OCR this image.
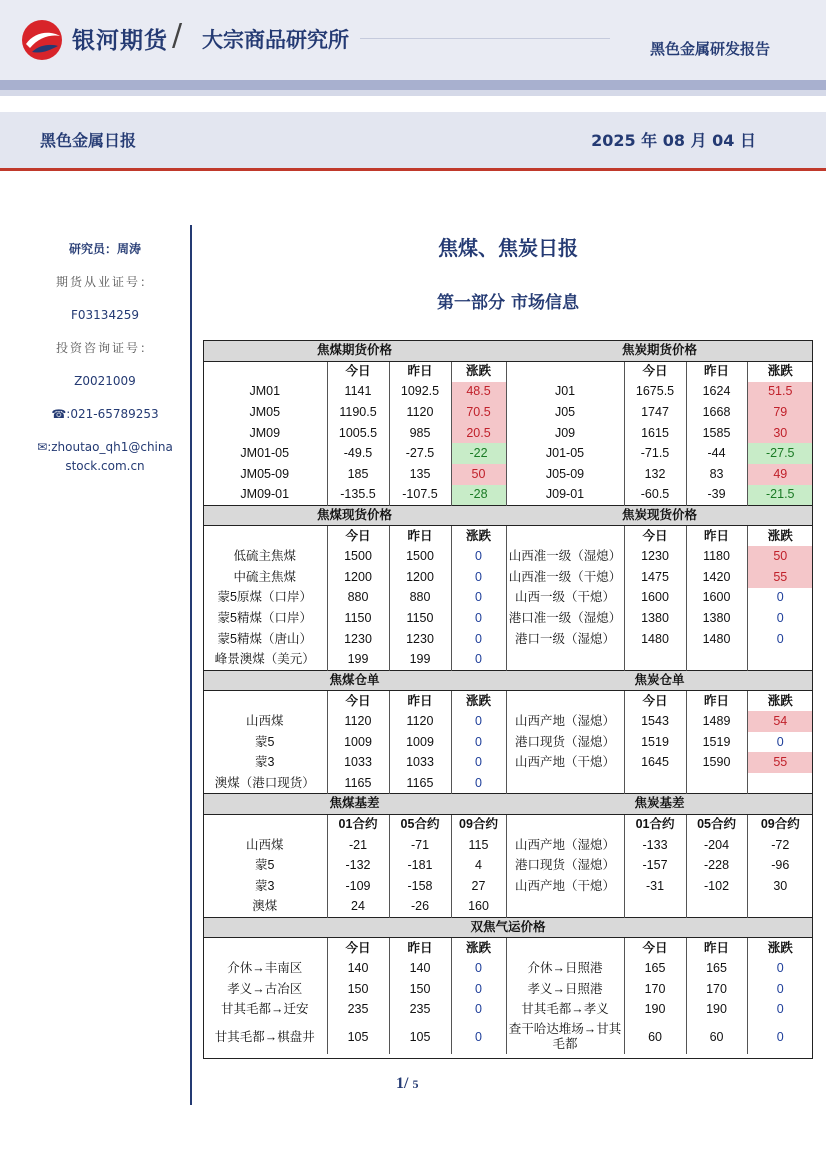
银河期货 / 大宗商品研究所	黑色金属研发报告
黑色金属日报	2025 年 08 月 04 日
研究员：周涛
期货从业证号：
F03134259
投资咨询证号：
Z0021009
☎:021-65789253
✉:zhoutao_qh1@china stock.com.cn
焦煤、焦炭日报
第一部分 市场信息
焦煤期货价格				焦炭期货价格			
	今日	昨日	涨跌		今日	昨日	涨跌
JM01	1141	1092.5	48.5	J01	1675.5	1624	51.5
JM05	1190.5	1120	70.5	J05	1747	1668	79
JM09	1005.5	985	20.5	J09	1615	1585	30
JM01-05	-49.5	-27.5	-22	J01-05	-71.5	-44	-27.5
JM05-09	185	135	50	J05-09	132	83	49
JM09-01	-135.5	-107.5	-28	J09-01	-60.5	-39	-21.5
焦煤现货价格				焦炭现货价格			
	今日	昨日	涨跌		今日	昨日	涨跌
低硫主焦煤	1500	1500	0	山西准一级（湿熄）	1230	1180	50
中硫主焦煤	1200	1200	0	山西准一级（干熄）	1475	1420	55
蒙5原煤（口岸）	880	880	0	山西一级（干熄）	1600	1600	0
蒙5精煤（口岸）	1150	1150	0	港口准一级（湿熄）	1380	1380	0
蒙5精煤（唐山）	1230	1230	0	港口一级（湿熄）	1480	1480	0
峰景澳煤（美元）	199	199	0				
焦煤仓单				焦炭仓单			
	今日	昨日	涨跌		今日	昨日	涨跌
山西煤	1120	1120	0	山西产地（湿熄）	1543	1489	54
蒙5	1009	1009	0	港口现货（湿熄）	1519	1519	0
蒙3	1033	1033	0	山西产地（干熄）	1645	1590	55
澳煤（港口现货）	1165	1165	0				
焦煤基差				焦炭基差			
	01合约	05合约	09合约		01合约	05合约	09合约
山西煤	-21	-71	115	山西产地（湿熄）	-133	-204	-72
蒙5	-132	-181	4	港口现货（湿熄）	-157	-228	-96
蒙3	-109	-158	27	山西产地（干熄）	-31	-102	30
澳煤	24	-26	160				
双焦气运价格							
	今日	昨日	涨跌		今日	昨日	涨跌
介休→丰南区	140	140	0	介休→日照港	165	165	0
孝义→古冶区	150	150	0	孝义→日照港	170	170	0
甘其毛都→迁安	235	235	0	甘其毛都→孝义	190	190	0
甘其毛都→棋盘井	105	105	0	查干哈达堆场→甘其毛都	60	60	0
1/ 5
